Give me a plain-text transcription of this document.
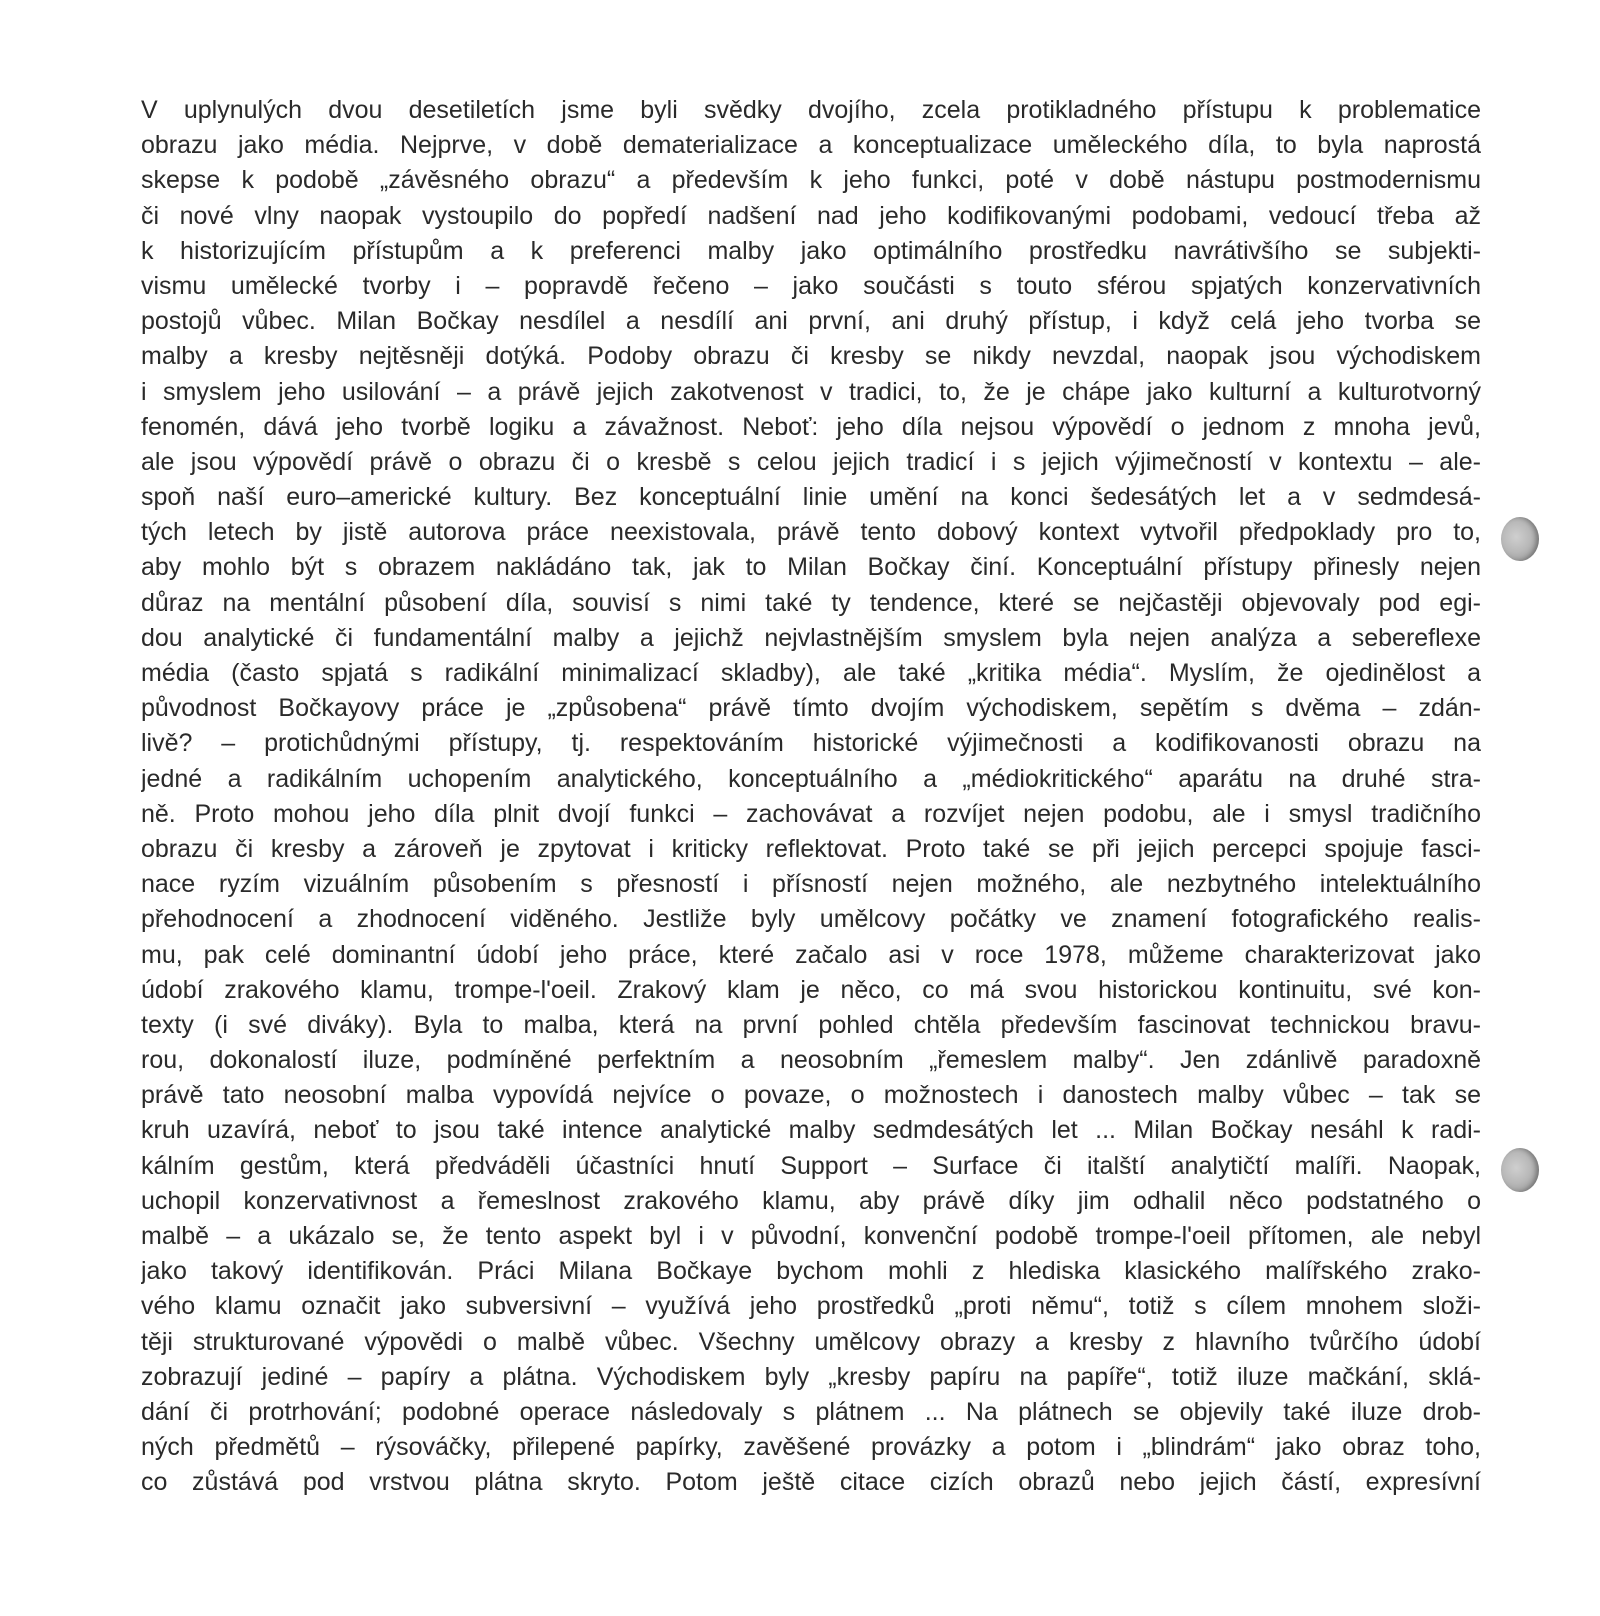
V uplynulých dvou desetiletích jsme byli svědky dvojího, zcela protikladného přístupu k problematice
obrazu jako média. Nejprve, v době dematerializace a konceptualizace uměleckého díla, to byla naprostá
skepse k podobě „závěsného obrazu“ a především k jeho funkci, poté v době nástupu postmodernismu
či nové vlny naopak vystoupilo do popředí nadšení nad jeho kodifikovanými podobami, vedoucí třeba až
k historizujícím přístupům a k preferenci malby jako optimálního prostředku navrátivšího se subjekti-
vismu umělecké tvorby i – popravdě řečeno – jako součásti s touto sférou spjatých konzervativních
postojů vůbec. Milan Bočkay nesdílel a nesdílí ani první, ani druhý přístup, i když celá jeho tvorba se
malby a kresby nejtěsněji dotýká. Podoby obrazu či kresby se nikdy nevzdal, naopak jsou východiskem
i smyslem jeho usilování – a právě jejich zakotvenost v tradici, to, že je chápe jako kulturní a kulturotvorný
fenomén, dává jeho tvorbě logiku a závažnost. Neboť: jeho díla nejsou výpovědí o jednom z mnoha jevů,
ale jsou výpovědí právě o obrazu či o kresbě s celou jejich tradicí i s jejich výjimečností v kontextu – ale-
spoň naší euro–americké kultury. Bez konceptuální linie umění na konci šedesátých let a v sedmdesá-
tých letech by jistě autorova práce neexistovala, právě tento dobový kontext vytvořil předpoklady pro to,
aby mohlo být s obrazem nakládáno tak, jak to Milan Bočkay činí. Konceptuální přístupy přinesly nejen
důraz na mentální působení díla, souvisí s nimi také ty tendence, které se nejčastěji objevovaly pod egi-
dou analytické či fundamentální malby a jejichž nejvlastnějším smyslem byla nejen analýza a sebereflexe
média (často spjatá s radikální minimalizací skladby), ale také „kritika média“. Myslím, že ojedinělost a
původnost Bočkayovy práce je „způsobena“ právě tímto dvojím východiskem, sepětím s dvěma – zdán-
livě? – protichůdnými přístupy, tj. respektováním historické výjimečnosti a kodifikovanosti obrazu na
jedné a radikálním uchopením analytického, konceptuálního a „médiokritického“ aparátu na druhé stra-
ně. Proto mohou jeho díla plnit dvojí funkci – zachovávat a rozvíjet nejen podobu, ale i smysl tradičního
obrazu či kresby a zároveň je zpytovat i kriticky reflektovat. Proto také se při jejich percepci spojuje fasci-
nace ryzím vizuálním působením s přesností i přísností nejen možného, ale nezbytného intelektuálního
přehodnocení a zhodnocení viděného. Jestliže byly umělcovy počátky ve znamení fotografického realis-
mu, pak celé dominantní údobí jeho práce, které začalo asi v roce 1978, můžeme charakterizovat jako
údobí zrakového klamu, trompe-l'oeil. Zrakový klam je něco, co má svou historickou kontinuitu, své kon-
texty (i své diváky). Byla to malba, která na první pohled chtěla především fascinovat technickou bravu-
rou, dokonalostí iluze, podmíněné perfektním a neosobním „řemeslem malby“. Jen zdánlivě paradoxně
právě tato neosobní malba vypovídá nejvíce o povaze, o možnostech i danostech malby vůbec – tak se
kruh uzavírá, neboť to jsou také intence analytické malby sedmdesátých let ... Milan Bočkay nesáhl k radi-
kálním gestům, která předváděli účastníci hnutí Support – Surface či italští analytičtí malíři. Naopak,
uchopil konzervativnost a řemeslnost zrakového klamu, aby právě díky jim odhalil něco podstatného o
malbě – a ukázalo se, že tento aspekt byl i v původní, konvenční podobě trompe-l'oeil přítomen, ale nebyl
jako takový identifikován. Práci Milana Bočkaye bychom mohli z hlediska klasického malířského zrako-
vého klamu označit jako subversivní – využívá jeho prostředků „proti němu“, totiž s cílem mnohem složi-
těji strukturované výpovědi o malbě vůbec. Všechny umělcovy obrazy a kresby z hlavního tvůrčího údobí
zobrazují jediné – papíry a plátna. Východiskem byly „kresby papíru na papíře“, totiž iluze mačkání, sklá-
dání či protrhování; podobné operace následovaly s plátnem ... Na plátnech se objevily také iluze drob-
ných předmětů – rýsováčky, přilepené papírky, zavěšené provázky a potom i „blindrám“ jako obraz toho,
co zůstává pod vrstvou plátna skryto. Potom ještě citace cizích obrazů nebo jejich částí, expresívní
